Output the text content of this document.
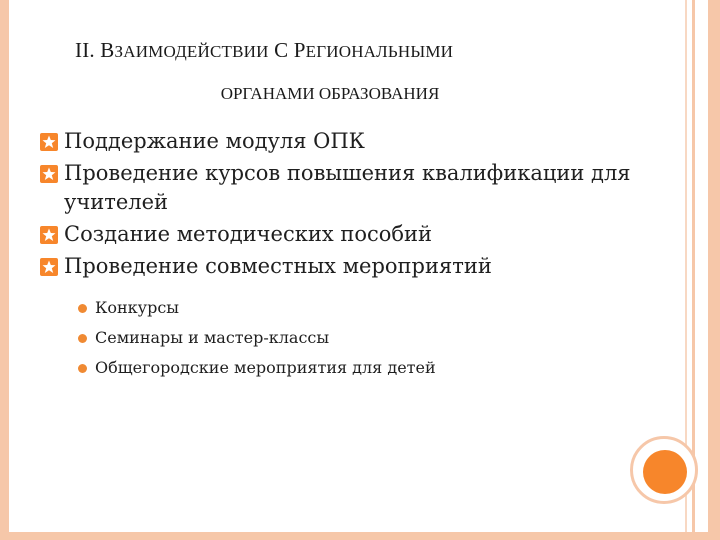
II. ВЗАИМОДЕЙСТВИИ С РЕГИОНАЛЬНЫМИ
ОРГАНАМИ ОБРАЗОВАНИЯ
Поддержание модуля ОПК
Проведение курсов повышения квалификации для учителей
Создание методических пособий
Проведение совместных мероприятий
Конкурсы
Семинары и мастер-классы
Общегородские мероприятия для детей
